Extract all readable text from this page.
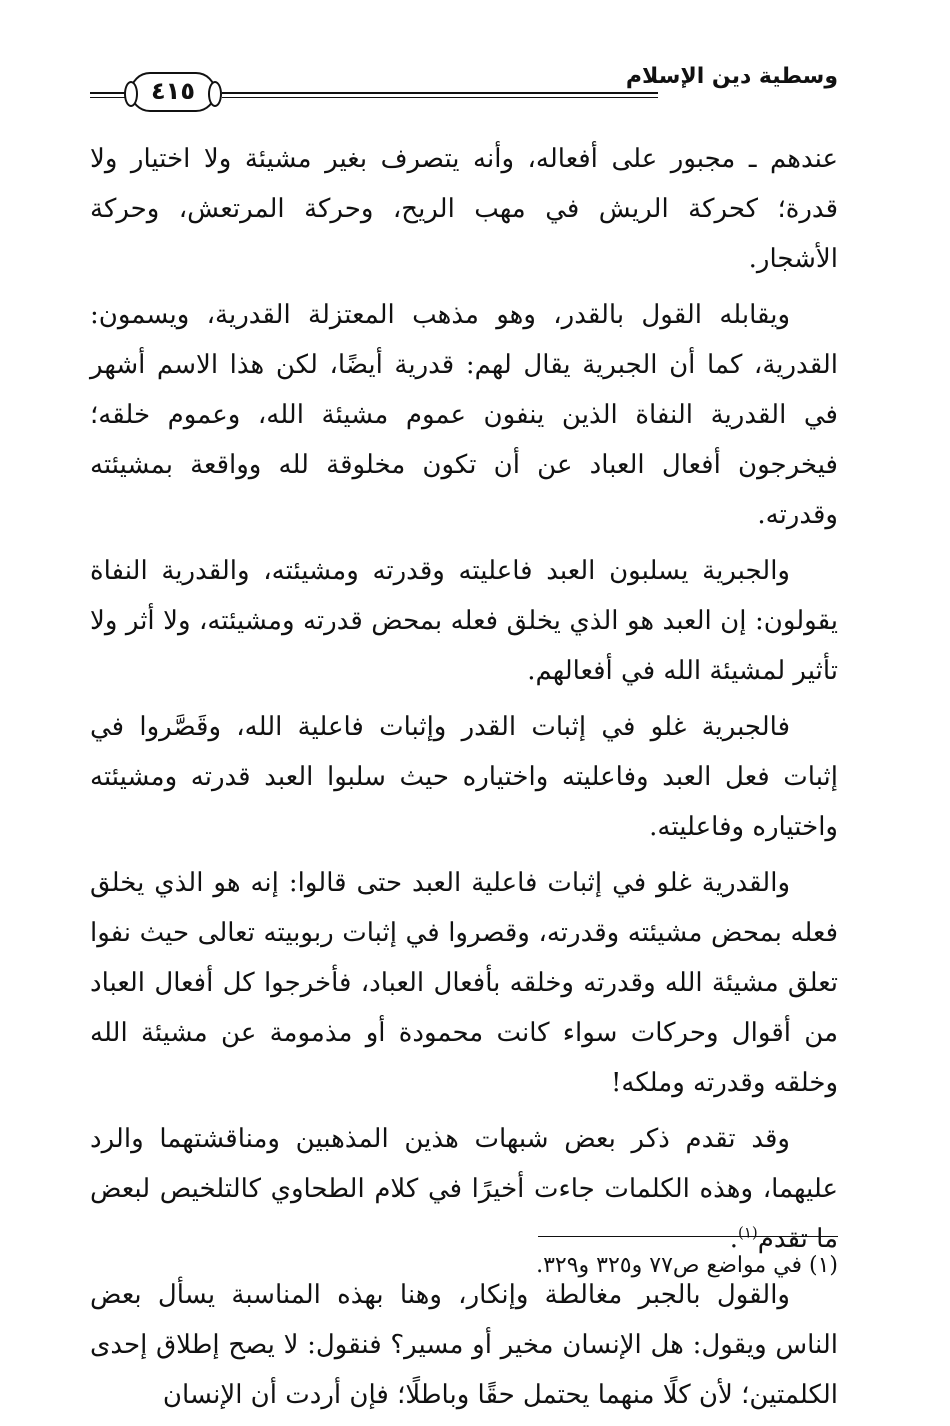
وسطية دين الإسلام
٤١٥

عندهم ـ مجبور على أفعاله، وأنه يتصرف بغير مشيئة ولا اختيار ولا قدرة؛ كحركة الريش في مهب الريح، وحركة المرتعش، وحركة الأشجار.

ويقابله القول بالقدر، وهو مذهب المعتزلة القدرية، ويسمون: القدرية، كما أن الجبرية يقال لهم: قدرية أيضًا، لكن هذا الاسم أشهر في القدرية النفاة الذين ينفون عموم مشيئة الله، وعموم خلقه؛ فيخرجون أفعال العباد عن أن تكون مخلوقة لله وواقعة بمشيئته وقدرته.

والجبرية يسلبون العبد فاعليته وقدرته ومشيئته، والقدرية النفاة يقولون: إن العبد هو الذي يخلق فعله بمحض قدرته ومشيئته، ولا أثر ولا تأثير لمشيئة الله في أفعالهم.

فالجبرية غلو في إثبات القدر وإثبات فاعلية الله، وقَصَّروا في إثبات فعل العبد وفاعليته واختياره حيث سلبوا العبد قدرته ومشيئته واختياره وفاعليته.

والقدرية غلو في إثبات فاعلية العبد حتى قالوا: إنه هو الذي يخلق فعله بمحض مشيئته وقدرته، وقصروا في إثبات ربوبيته تعالى حيث نفوا تعلق مشيئة الله وقدرته وخلقه بأفعال العباد، فأخرجوا كل أفعال العباد من أقوال وحركات سواء كانت محمودة أو مذمومة عن مشيئة الله وخلقه وقدرته وملكه!

وقد تقدم ذكر بعض شبهات هذين المذهبين ومناقشتهما والرد عليهما، وهذه الكلمات جاءت أخيرًا في كلام الطحاوي كالتلخيص لبعض ما تقدم$^{(١)}$.

والقول بالجبر مغالطة وإنكار، وهنا بهذه المناسبة يسأل بعض الناس ويقول: هل الإنسان مخير أو مسير؟ فنقول: لا يصح إطلاق إحدى الكلمتين؛ لأن كلًا منهما يحتمل حقًا وباطلًا؛ فإن أردت أن الإنسان

(١) في مواضع ص٧٧ و٣٢٥ و٣٢٩.
